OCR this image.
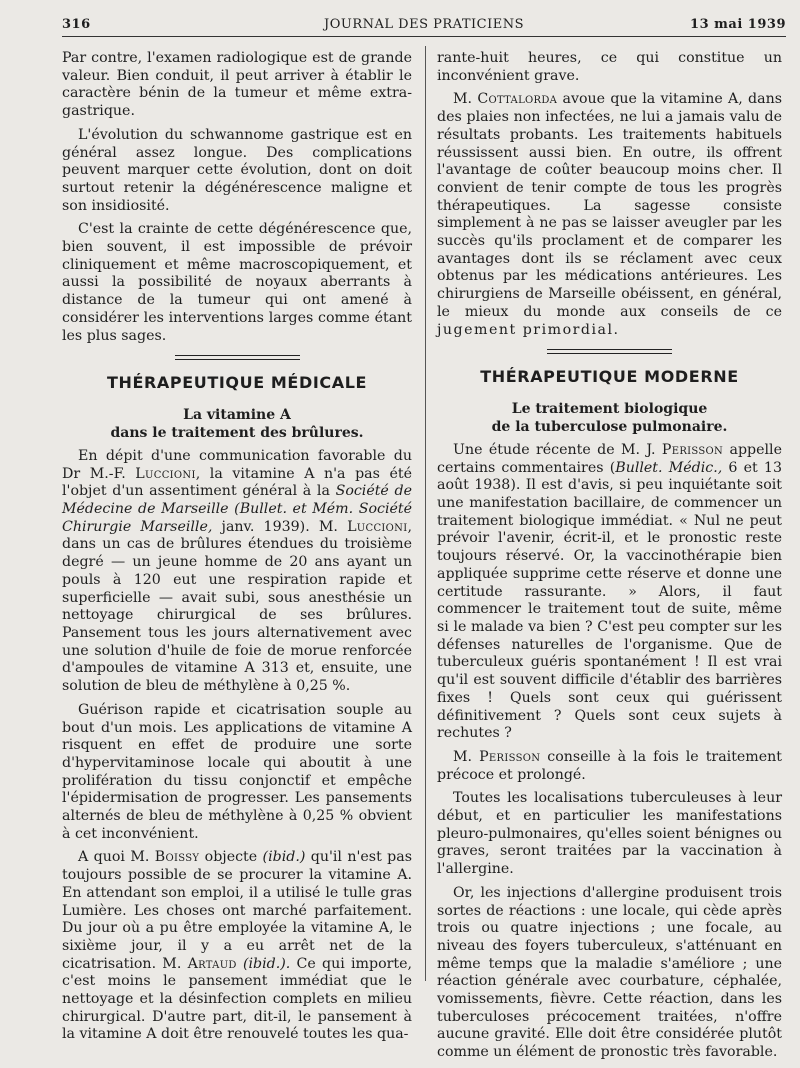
316	JOURNAL DES PRATICIENS	13 mai 1939

Par contre, l'examen radiologique est de grande valeur. Bien conduit, il peut arriver à établir le caractère bénin de la tumeur et même extra-gastrique.

L'évolution du schwannome gastrique est en général assez longue. Des complications peuvent marquer cette évolution, dont on doit surtout retenir la dégénérescence maligne et son insidiosité.

C'est la crainte de cette dégénérescence que, bien souvent, il est impossible de prévoir cliniquement et même macroscopiquement, et aussi la possibilité de noyaux aberrants à distance de la tumeur qui ont amené à considérer les interventions larges comme étant les plus sages.

THÉRAPEUTIQUE MÉDICALE
La vitamine A
dans le traitement des brûlures.

En dépit d'une communication favorable du Dr M.-F. Luccioni, la vitamine A n'a pas été l'objet d'un assentiment général à la Société de Médecine de Marseille (Bullet. et Mém. Société Chirurgie Marseille, janv. 1939). M. Luccioni, dans un cas de brûlures étendues du troisième degré — un jeune homme de 20 ans ayant un pouls à 120 eut une respiration rapide et superficielle — avait subi, sous anesthésie un nettoyage chirurgical de ses brûlures. Pansement tous les jours alternativement avec une solution d'huile de foie de morue renforcée d'ampoules de vitamine A 313 et, ensuite, une solution de bleu de méthylène à 0,25 %.

Guérison rapide et cicatrisation souple au bout d'un mois. Les applications de vitamine A risquent en effet de produire une sorte d'hypervitaminose locale qui aboutit à une prolifération du tissu conjonctif et empêche l'épidermisation de progresser. Les pansements alternés de bleu de méthylène à 0,25 % obvient à cet inconvénient.

A quoi M. Boissy objecte (ibid.) qu'il n'est pas toujours possible de se procurer la vitamine A. En attendant son emploi, il a utilisé le tulle gras Lumière. Les choses ont marché parfaitement. Du jour où a pu être employée la vitamine A, le sixième jour, il y a eu arrêt net de la cicatrisation. M. Artaud (ibid.). Ce qui importe, c'est moins le pansement immédiat que le nettoyage et la désinfection complets en milieu chirurgical. D'autre part, dit-il, le pansement à la vitamine A doit être renouvelé toutes les qua-

rante-huit heures, ce qui constitue un inconvénient grave.

M. Cottalorda avoue que la vitamine A, dans des plaies non infectées, ne lui a jamais valu de résultats probants. Les traitements habituels réussissent aussi bien. En outre, ils offrent l'avantage de coûter beaucoup moins cher. Il convient de tenir compte de tous les progrès thérapeutiques. La sagesse consiste simplement à ne pas se laisser aveugler par les succès qu'ils proclament et de comparer les avantages dont ils se réclament avec ceux obtenus par les médications antérieures. Les chirurgiens de Marseille obéissent, en général, le mieux du monde aux conseils de ce jugement primordial.

THÉRAPEUTIQUE MODERNE
Le traitement biologique
de la tuberculose pulmonaire.

Une étude récente de M. J. Perisson appelle certains commentaires (Bullet. Médic., 6 et 13 août 1938). Il est d'avis, si peu inquiétante soit une manifestation bacillaire, de commencer un traitement biologique immédiat. « Nul ne peut prévoir l'avenir, écrit-il, et le pronostic reste toujours réservé. Or, la vaccinothérapie bien appliquée supprime cette réserve et donne une certitude rassurante. » Alors, il faut commencer le traitement tout de suite, même si le malade va bien ? C'est peu compter sur les défenses naturelles de l'organisme. Que de tuberculeux guéris spontanément ! Il est vrai qu'il est souvent difficile d'établir des barrières fixes ! Quels sont ceux qui guérissent définitivement ? Quels sont ceux sujets à rechutes ?

M. Perisson conseille à la fois le traitement précoce et prolongé.

Toutes les localisations tuberculeuses à leur début, et en particulier les manifestations pleuro-pulmonaires, qu'elles soient bénignes ou graves, seront traitées par la vaccination à l'allergine.

Or, les injections d'allergine produisent trois sortes de réactions : une locale, qui cède après trois ou quatre injections ; une focale, au niveau des foyers tuberculeux, s'atténuant en même temps que la maladie s'améliore ; une réaction générale avec courbature, céphalée, vomissements, fièvre. Cette réaction, dans les tuberculoses précocement traitées, n'offre aucune gravité. Elle doit être considérée plutôt comme un élément de pronostic très favorable.
